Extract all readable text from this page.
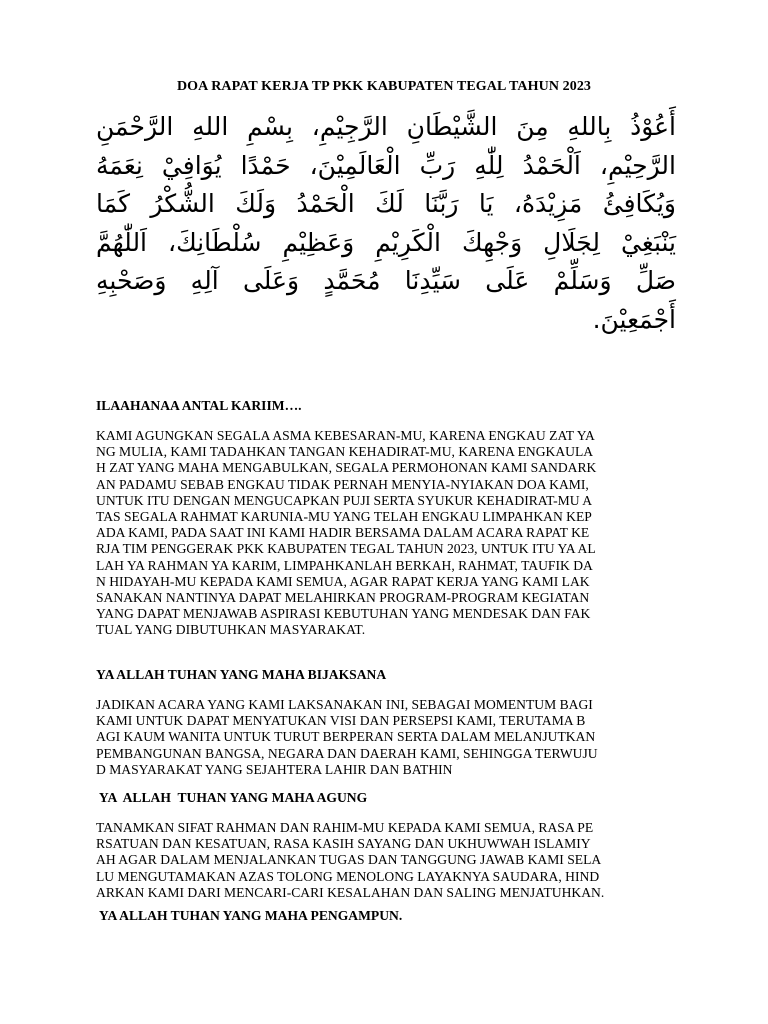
DOA RAPAT KERJA TP PKK KABUPATEN TEGAL TAHUN 2023
أَعُوْذُ بِاللهِ مِنَ الشَّيْطَانِ الرَّجِيْمِ، بِسْمِ اللهِ الرَّحْمَنِ الرَّحِيْمِ، اَلْحَمْدُ لِلّٰهِ رَبِّ الْعَالَمِيْنَ، حَمْدًا يُوَافِيْ نِعَمَهُ وَيُكَافِئُ مَزِيْدَهُ، يَا رَبَّنَا لَكَ الْحَمْدُ وَلَكَ الشُّكْرُ كَمَا يَنْبَغِيْ لِجَلَالِ وَجْهِكَ الْكَرِيْمِ وَعَظِيْمِ سُلْطَانِكَ، اَللّٰهُمَّ صَلِّ وَسَلِّمْ عَلَى سَيِّدِنَا مُحَمَّدٍ وَعَلَى آلِهِ وَصَحْبِهِ أَجْمَعِيْنَ.
ILAAHANAA ANTAL KARIIM….
KAMI AGUNGKAN SEGALA ASMA KEBESARAN-MU, KARENA ENGKAU ZAT YA
NG MULIA, KAMI TADAHKAN TANGAN KEHADIRAT-MU, KARENA ENGKAULA
H ZAT YANG MAHA MENGABULKAN, SEGALA PERMOHONAN KAMI SANDARK
AN PADAMU SEBAB ENGKAU TIDAK PERNAH MENYIA-NYIAKAN DOA KAMI,
UNTUK ITU DENGAN MENGUCAPKAN PUJI SERTA SYUKUR KEHADIRAT-MU A
TAS SEGALA RAHMAT KARUNIA-MU YANG TELAH ENGKAU LIMPAHKAN KEP
ADA KAMI, PADA SAAT INI KAMI HADIR BERSAMA DALAM ACARA RAPAT KE
RJA TIM PENGGERAK PKK KABUPATEN TEGAL TAHUN 2023, UNTUK ITU YA AL
LAH YA RAHMAN YA KARIM, LIMPAHKANLAH BERKAH, RAHMAT, TAUFIK DA
N HIDAYAH-MU KEPADA KAMI SEMUA, AGAR RAPAT KERJA YANG KAMI LAK
SANAKAN NANTINYA DAPAT MELAHIRKAN PROGRAM-PROGRAM KEGIATAN
YANG DAPAT MENJAWAB ASPIRASI KEBUTUHAN YANG MENDESAK DAN FAK
TUAL YANG DIBUTUHKAN MASYARAKAT.
YA ALLAH TUHAN YANG MAHA BIJAKSANA
JADIKAN ACARA YANG KAMI LAKSANAKAN INI, SEBAGAI MOMENTUM BAGI
KAMI UNTUK DAPAT MENYATUKAN VISI DAN PERSEPSI KAMI, TERUTAMA B
AGI KAUM WANITA UNTUK TURUT BERPERAN SERTA DALAM MELANJUTKAN
PEMBANGUNAN BANGSA, NEGARA DAN DAERAH KAMI, SEHINGGA TERWUJU
D MASYARAKAT YANG SEJAHTERA LAHIR DAN BATHIN
YA  ALLAH  TUHAN YANG MAHA AGUNG
TANAMKAN SIFAT RAHMAN DAN RAHIM-MU KEPADA KAMI SEMUA, RASA PE
RSATUAN DAN KESATUAN, RASA KASIH SAYANG DAN UKHUWWAH ISLAMIY
AH AGAR DALAM MENJALANKAN TUGAS DAN TANGGUNG JAWAB KAMI SELA
LU MENGUTAMAKAN AZAS TOLONG MENOLONG LAYAKNYA SAUDARA, HIND
ARKAN KAMI DARI MENCARI-CARI KESALAHAN DAN SALING MENJATUHKAN.
YA ALLAH TUHAN YANG MAHA PENGAMPUN.
